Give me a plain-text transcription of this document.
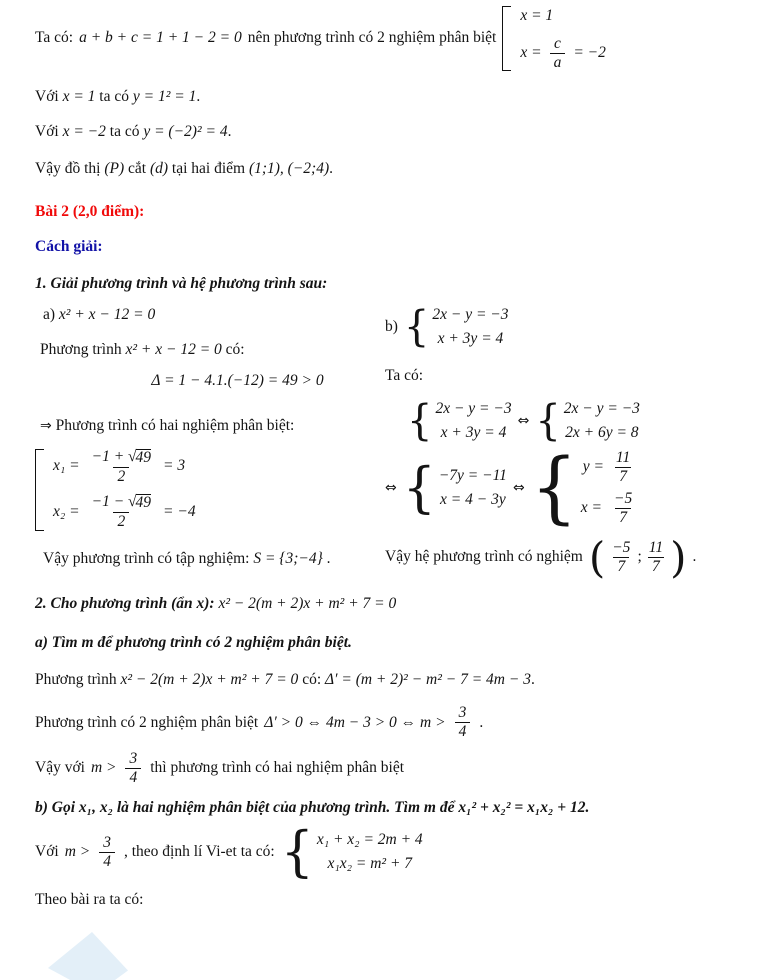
Ta có: a + b + c = 1 + 1 − 2 = 0 nên phương trình có 2 nghiệm phân biệt
x = 1
$x = \frac{c}{a} = -2$
Với x = 1 ta có y = 1² = 1.
Với x = −2 ta có y = (−2)² = 4.
Vậy đồ thị (P) cắt (d) tại hai điểm (1;1), (−2;4).
Bài 2 (2,0 điểm):
Cách giải:
1. Giải phương trình và hệ phương trình sau:
a) x² + x − 12 = 0
Phương trình x² + x − 12 = 0 có:
Δ = 1 − 4.1.(−12) = 49 > 0
⇒ Phương trình có hai nghiệm phân biệt:
$x_1 = \frac{-1 + √ 49}{2} = 3$
$x_2 = \frac{-1 - √ 49}{2} = -4$
Vậy phương trình có tập nghiệm: S = {3;−4} .
b)
{ 2x − y = −3
x + 3y = 4
Ta có:
{ 2x − y = −3
x + 3y = 4
⇔
{ 2x − y = −3
2x + 6y = 8
⇔
{ −7y = −11
x = 4 − 3y
⇔
{ $y = \frac{11}{7}$
$x = \frac{-5}{7}$
Vậy hệ phương trình có nghiệm ( $\frac{-5}{7}$ ; $\frac{11}{7}$
) .
2. Cho phương trình (ẩn x): x² − 2(m + 2)x + m² + 7 = 0
a) Tìm m để phương trình có 2 nghiệm phân biệt.
Phương trình x² − 2(m + 2)x + m² + 7 = 0 có: Δ′ = (m + 2)² − m² − 7 = 4m − 3.
Phương trình có 2 nghiệm phân biệt Δ′ > 0 ⇔ 4m − 3 > 0 ⇔ $m > \frac{3}{4}$ .
Vậy với $m > \frac{3}{4}$ thì phương trình có hai nghiệm phân biệt
b) Gọi x₁, x₂ là hai nghiệm phân biệt của phương trình. Tìm m để x₁² + x₂² = x₁x₂ + 12.
Với $m > \frac{3}{4}$ , theo định lí Vi-et ta có:
{ x₁ + x₂ = 2m + 4
x₁x₂ = m² + 7
Theo bài ra ta có:
